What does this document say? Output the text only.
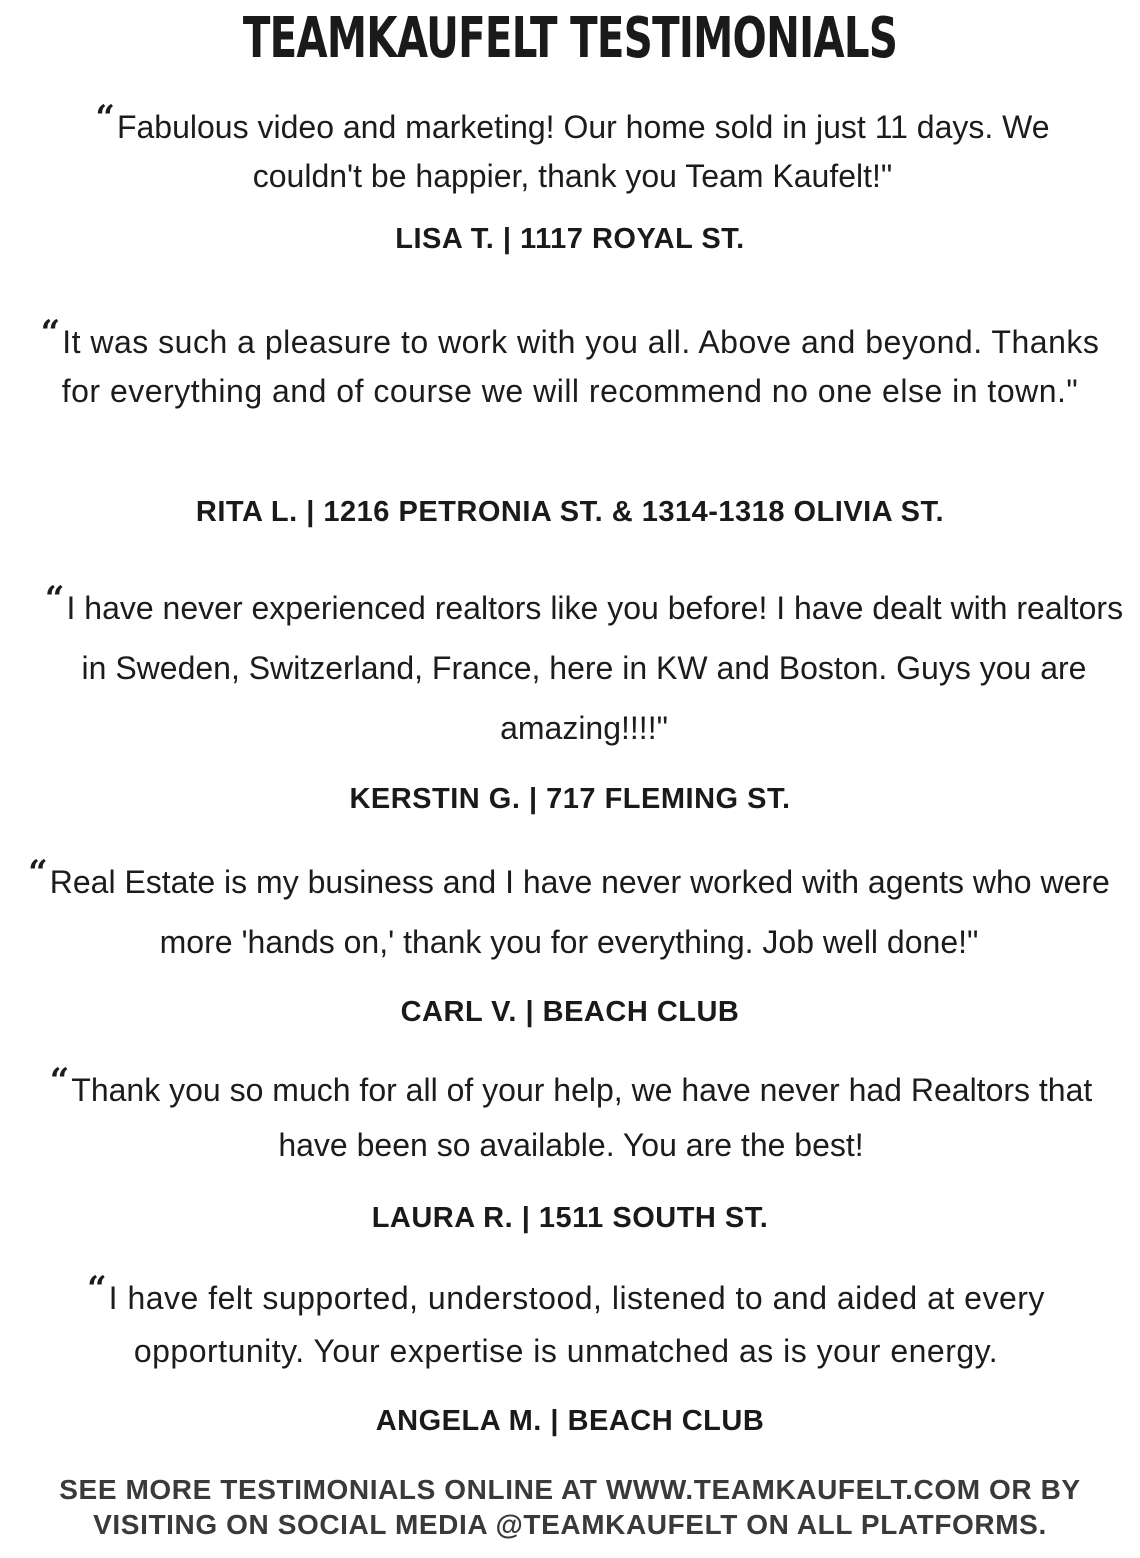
TEAMKAUFELT TESTIMONIALS

“ Fabulous video and marketing! Our home sold in just 11 days. We couldn't be happier, thank you Team Kaufelt!"

LISA T. | 1117 ROYAL ST.

“ It was such a pleasure to work with you all. Above and beyond. Thanks for everything and of course we will recommend no one else in town."

RITA L. | 1216 PETRONIA ST. & 1314-1318 OLIVIA ST.

“ I have never experienced realtors like you before! I have dealt with realtors in Sweden, Switzerland, France, here in KW and Boston. Guys you are amazing!!!!"

KERSTIN G. | 717 FLEMING ST.

“ Real Estate is my business and I have never worked with agents who were more 'hands on,' thank you for everything. Job well done!"

CARL V. | BEACH CLUB

“ Thank you so much for all of your help, we have never had Realtors that have been so available. You are the best!

LAURA R. | 1511 SOUTH ST.

“ I have felt supported, understood, listened to and aided at every opportunity. Your expertise is unmatched as is your energy.

ANGELA M. | BEACH CLUB
SEE MORE TESTIMONIALS ONLINE AT WWW.TEAMKAUFELT.COM OR BY
VISITING ON SOCIAL MEDIA @TEAMKAUFELT ON ALL PLATFORMS.
